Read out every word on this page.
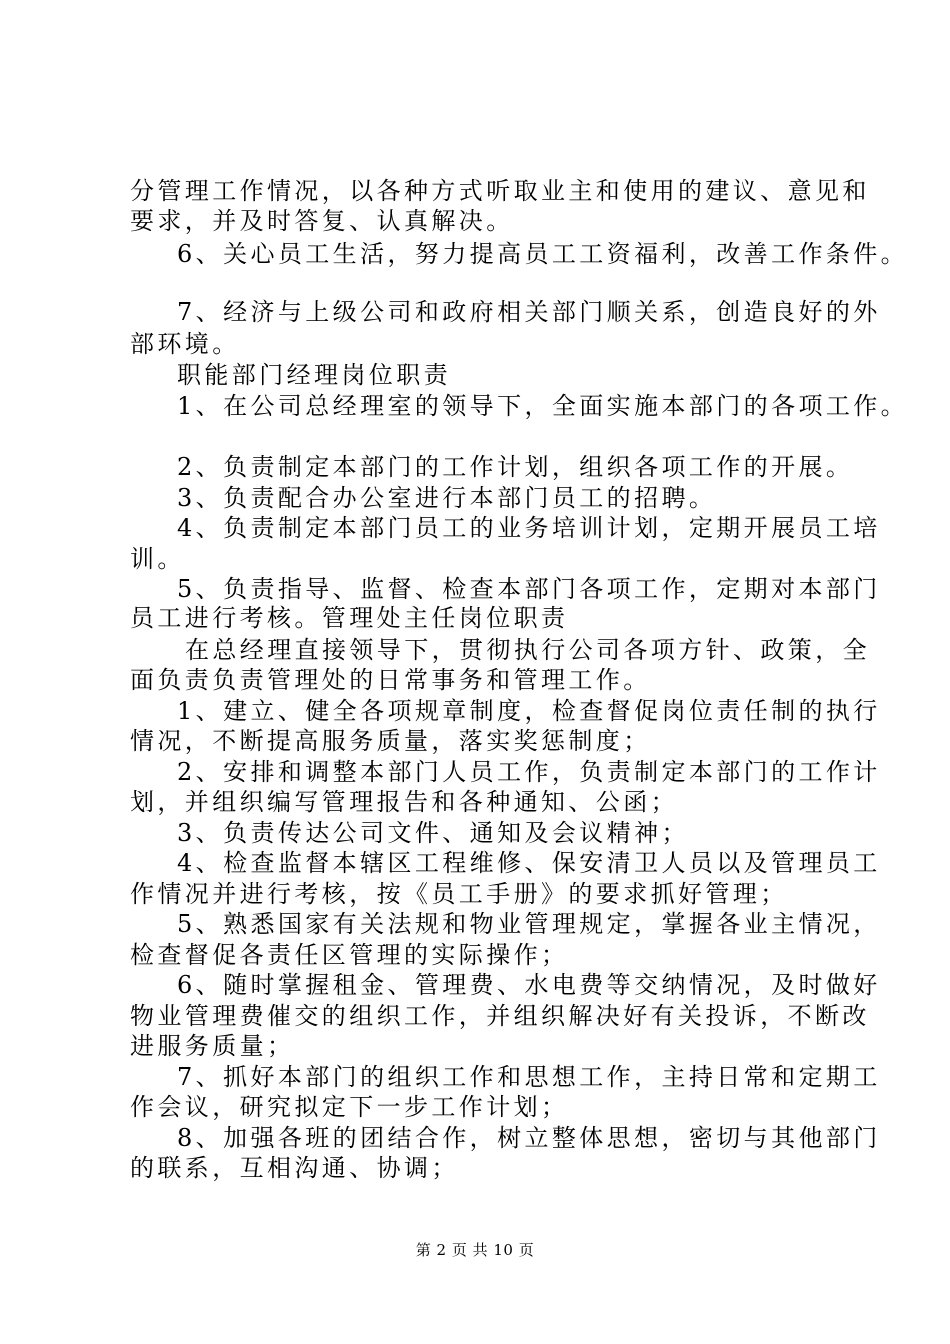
分管理工作情况，以各种方式听取业主和使用的建议、意见和
要求，并及时答复、认真解决。
6、关心员工生活，努力提高员工工资福利，改善工作条件。
7、经济与上级公司和政府相关部门顺关系，创造良好的外
部环境。
职能部门经理岗位职责
1、在公司总经理室的领导下，全面实施本部门的各项工作。
2、负责制定本部门的工作计划，组织各项工作的开展。
3、负责配合办公室进行本部门员工的招聘。
4、负责制定本部门员工的业务培训计划，定期开展员工培
训。
5、负责指导、监督、检查本部门各项工作，定期对本部门
员工进行考核。管理处主任岗位职责
在总经理直接领导下，贯彻执行公司各项方针、政策，全
面负责负责管理处的日常事务和管理工作。
1、建立、健全各项规章制度，检查督促岗位责任制的执行
情况，不断提高服务质量，落实奖惩制度；
2、安排和调整本部门人员工作，负责制定本部门的工作计
划，并组织编写管理报告和各种通知、公函；
3、负责传达公司文件、通知及会议精神；
4、检查监督本辖区工程维修、保安清卫人员以及管理员工
作情况并进行考核，按《员工手册》的要求抓好管理；
5、熟悉国家有关法规和物业管理规定，掌握各业主情况，
检查督促各责任区管理的实际操作；
6、随时掌握租金、管理费、水电费等交纳情况，及时做好
物业管理费催交的组织工作，并组织解决好有关投诉，不断改
进服务质量；
7、抓好本部门的组织工作和思想工作，主持日常和定期工
作会议，研究拟定下一步工作计划；
8、加强各班的团结合作，树立整体思想，密切与其他部门
的联系，互相沟通、协调；
第 2 页 共 10 页
